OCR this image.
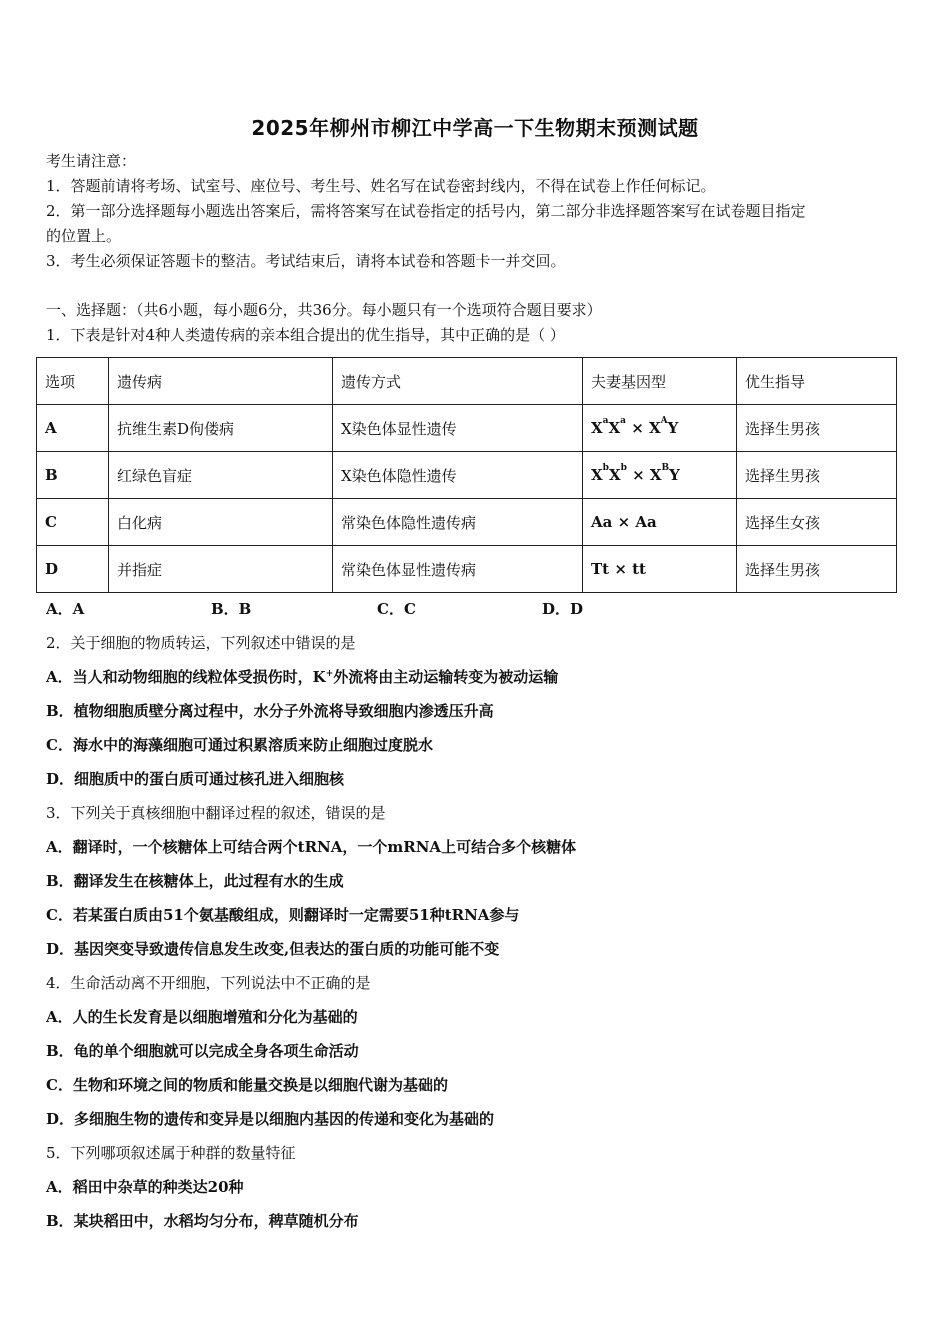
2025年柳州市柳江中学高一下生物期末预测试题
考生请注意：
1．答题前请将考场、试室号、座位号、考生号、姓名写在试卷密封线内，不得在试卷上作任何标记。
2．第一部分选择题每小题选出答案后，需将答案写在试卷指定的括号内，第二部分非选择题答案写在试卷题目指定
的位置上。
3．考生必须保证答题卡的整洁。考试结束后，请将本试卷和答题卡一并交回。
一、选择题：（共6小题，每小题6分，共36分。每小题只有一个选项符合题目要求）
1．下表是针对4种人类遗传病的亲本组合提出的优生指导，其中正确的是（ ）
选项	遗传病	遗传方式	夫妻基因型	优生指导
A	抗维生素D佝偻病	X染色体显性遗传	$X^aX^a \times X^AY$	选择生男孩
B	红绿色盲症	X染色体隐性遗传	$X^bX^b \times X^BY$	选择生男孩
C	白化病	常染色体隐性遗传病	Aa × Aa	选择生女孩
D	并指症	常染色体显性遗传病	Tt × tt	选择生男孩
A．A	B．B	C．C	D．D
2．关于细胞的物质转运，下列叙述中错误的是
A．当人和动物细胞的线粒体受损伤时，K+外流将由主动运输转变为被动运输
B．植物细胞质壁分离过程中，水分子外流将导致细胞内渗透压升高
C．海水中的海藻细胞可通过积累溶质来防止细胞过度脱水
D．细胞质中的蛋白质可通过核孔进入细胞核
3．下列关于真核细胞中翻译过程的叙述，错误的是
A．翻译时，一个核糖体上可结合两个tRNA，一个mRNA上可结合多个核糖体
B．翻译发生在核糖体上，此过程有水的生成
C．若某蛋白质由51个氨基酸组成，则翻译时一定需要51种tRNA参与
D．基因突变导致遗传信息发生改变,但表达的蛋白质的功能可能不变
4．生命活动离不开细胞，下列说法中不正确的是
A．人的生长发育是以细胞增殖和分化为基础的
B．龟的单个细胞就可以完成全身各项生命活动
C．生物和环境之间的物质和能量交换是以细胞代谢为基础的
D．多细胞生物的遗传和变异是以细胞内基因的传递和变化为基础的
5．下列哪项叙述属于种群的数量特征
A．稻田中杂草的种类达20种
B．某块稻田中，水稻均匀分布，稗草随机分布
